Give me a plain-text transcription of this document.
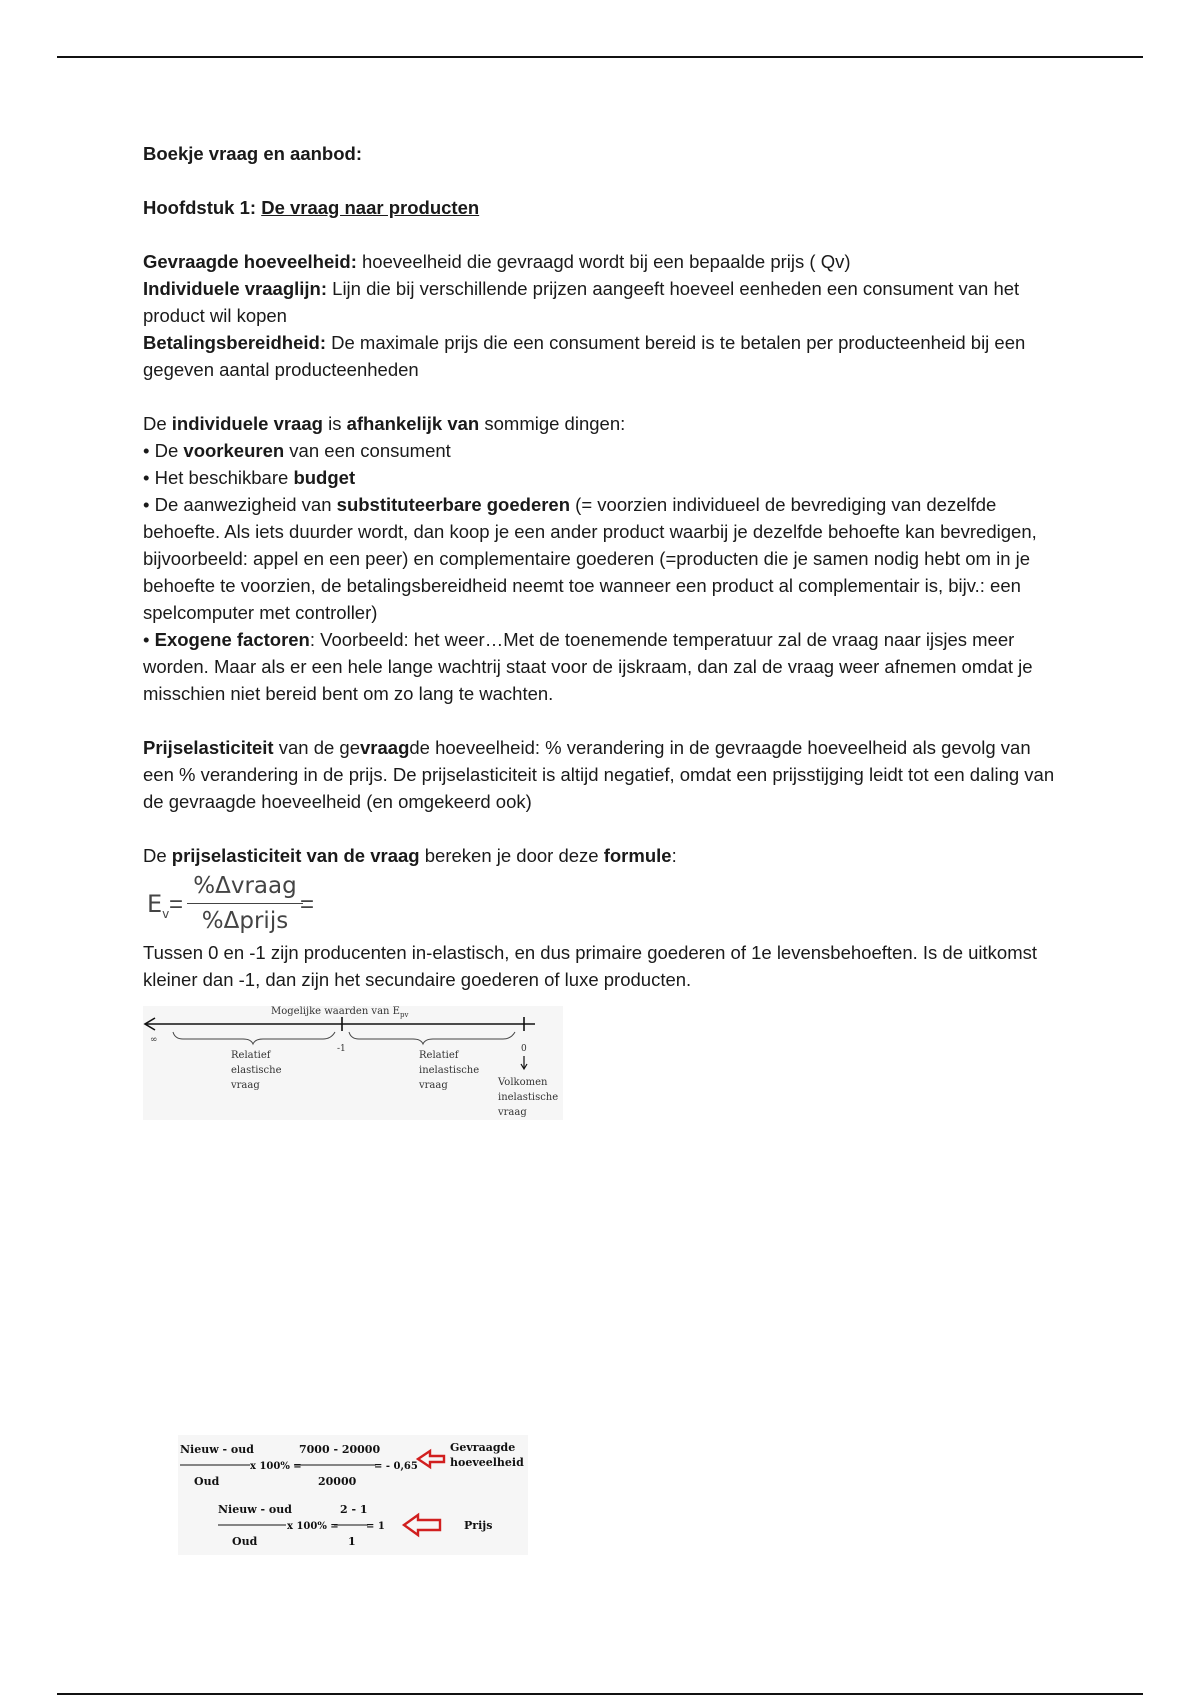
Boekje vraag en aanbod:

Hoofdstuk 1: De vraag naar producten

Gevraagde hoeveelheid: hoeveelheid die gevraagd wordt bij een bepaalde prijs ( Qv)

Individuele vraaglijn: Lijn die bij verschillende prijzen aangeeft hoeveel eenheden een consument van het product wil kopen

Betalingsbereidheid: De maximale prijs die een consument bereid is te betalen per producteenheid bij een gegeven aantal producteenheden

De individuele vraag is afhankelijk van sommige dingen:

• De voorkeuren van een consument

• Het beschikbare budget

• De aanwezigheid van substituteerbare goederen (= voorzien individueel de bevrediging van dezelfde behoefte. Als iets duurder wordt, dan koop je een ander product waarbij je dezelfde behoefte kan bevredigen, bijvoorbeeld: appel en een peer) en complementaire goederen (=producten die je samen nodig hebt om in je behoefte te voorzien, de betalingsbereidheid neemt toe wanneer een product al complementair is, bijv.: een spelcomputer met controller)

• Exogene factoren: Voorbeeld: het weer…Met de toenemende temperatuur zal de vraag naar ijsjes meer worden. Maar als er een hele lange wachtrij staat voor de ijskraam, dan zal de vraag weer afnemen omdat je misschien niet bereid bent om zo lang te wachten.

Prijselasticiteit van de gevraagde hoeveelheid: % verandering in de gevraagde hoeveelheid als gevolg van een % verandering in de prijs. De prijselasticiteit is altijd negatief, omdat een prijsstijging leidt tot een daling van de gevraagde hoeveelheid (en omgekeerd ook)

De prijselasticiteit van de vraag bereken je door deze formule:

$E_v$ =
%Δvraag
%Δprijs
=

Tussen 0 en -1 zijn producenten in-elastisch, en dus primaire goederen of 1e levensbehoeften. Is de uitkomst kleiner dan -1, dan zijn het secundaire goederen of luxe producten.

Mogelijke waarden van $E_{pv}$
∞
-1	0
Relatief
elastische
vraag
Relatief
inelastische
vraag	Volkomen
inelastische
vraag
Nieuw - oud
Oud
x 100% =
7000 - 20000
20000
= - 0,65
Gevraagde
hoeveelheid
Nieuw - oud
Oud
x 100% =
2 - 1
1
= 1	Prijs
